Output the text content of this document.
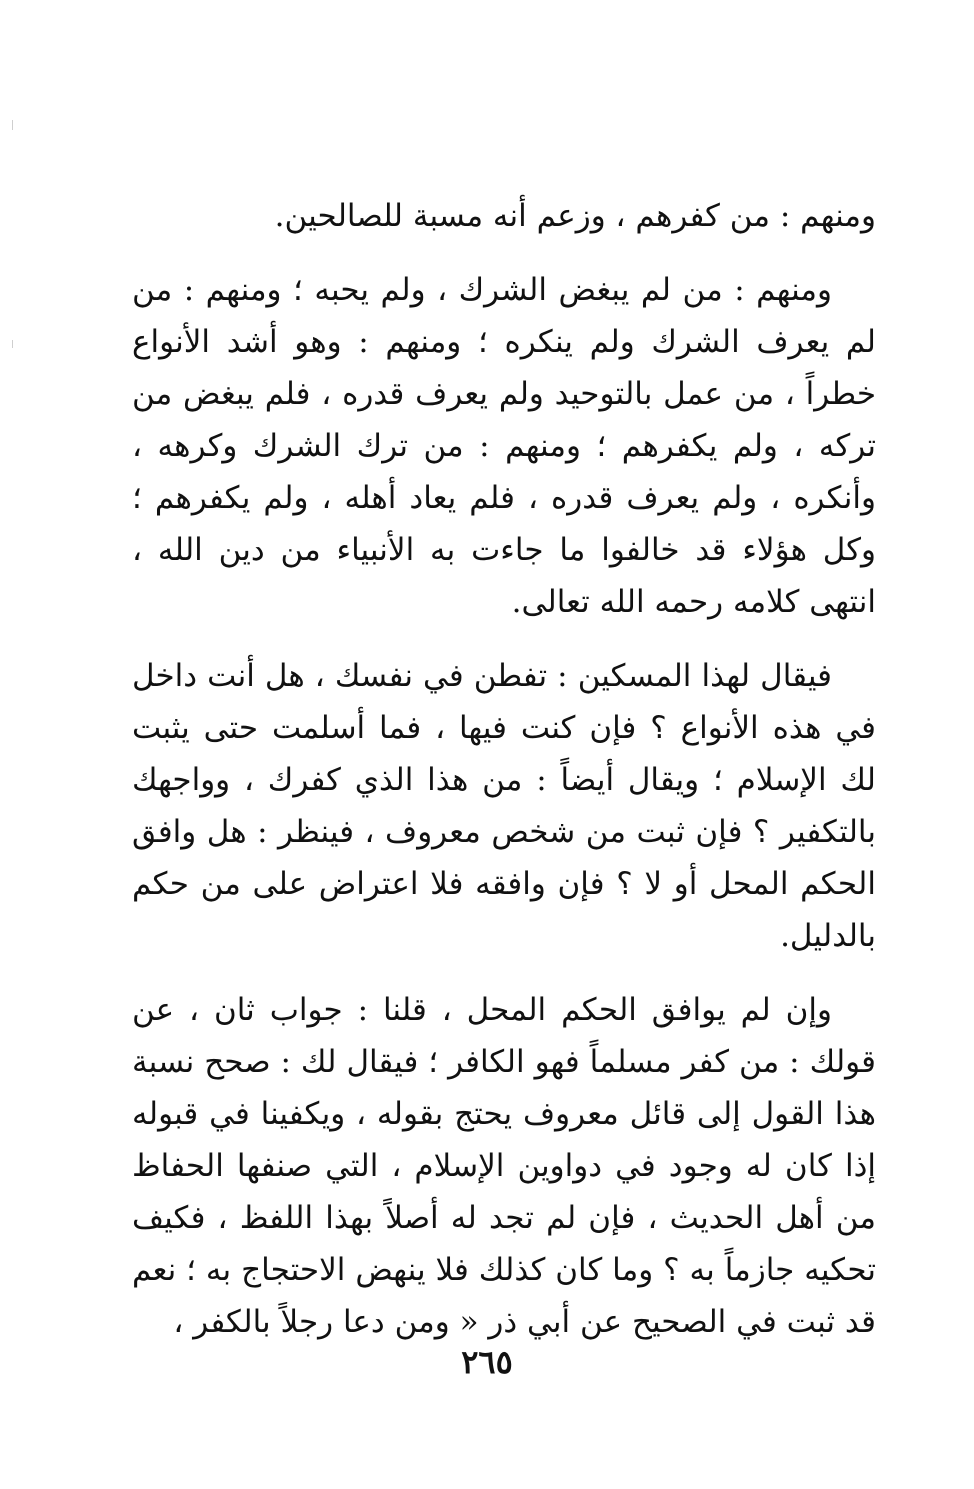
ومنهم : من كفرهم ، وزعم أنه مسبة للصالحين.

ومنهم : من لم يبغض الشرك ، ولم يحبه ؛ ومنهم : من لم يعرف الشرك ولم ينكره ؛ ومنهم : وهو أشد الأنواع خطراً ، من عمل بالتوحيد ولم يعرف قدره ، فلم يبغض من تركه ، ولم يكفرهم ؛ ومنهم : من ترك الشرك وكرهه ، وأنكره ، ولم يعرف قدره ، فلم يعاد أهله ، ولم يكفرهم ؛ وكل هؤلاء قد خالفوا ما جاءت به الأنبياء من دين الله ، انتهى كلامه رحمه الله تعالى.

فيقال لهذا المسكين : تفطن في نفسك ، هل أنت داخل في هذه الأنواع ؟ فإن كنت فيها ، فما أسلمت حتى يثبت لك الإسلام ؛ ويقال أيضاً : من هذا الذي كفرك ، وواجهك بالتكفير ؟ فإن ثبت من شخص معروف ، فينظر : هل وافق الحكم المحل أو لا ؟ فإن وافقه فلا اعتراض على من حكم بالدليل.

وإن لم يوافق الحكم المحل ، قلنا : جواب ثان ، عن قولك : من كفر مسلماً فهو الكافر ؛ فيقال لك : صحح نسبة هذا القول إلى قائل معروف يحتج بقوله ، ويكفينا في قبوله إذا كان له وجود في دواوين الإسلام ، التي صنفها الحفاظ من أهل الحديث ، فإن لم تجد له أصلاً بهذا اللفظ ، فكيف تحكيه جازماً به ؟ وما كان كذلك فلا ينهض الاحتجاج به ؛ نعم قد ثبت في الصحيح عن أبي ذر « ومن دعا رجلاً بالكفر ،

٢٦٥
